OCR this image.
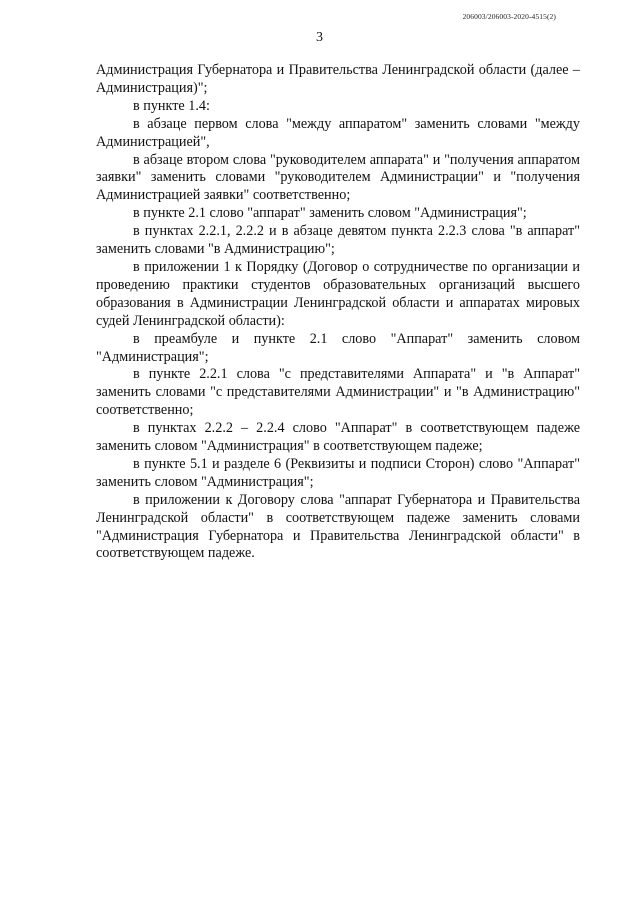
206003/206003-2020-4515(2)
3

Администрация Губернатора и Правительства Ленинградской области (далее – Администрация)";

в пункте 1.4:

в абзаце первом слова "между аппаратом" заменить словами "между Администрацией",

в абзаце втором слова "руководителем аппарата" и "получения аппаратом заявки" заменить словами "руководителем Администрации" и "получения Администрацией заявки" соответственно;

в пункте 2.1 слово "аппарат" заменить словом "Администрация";

в пунктах 2.2.1, 2.2.2 и в абзаце девятом пункта 2.2.3 слова "в аппарат" заменить словами "в Администрацию";

в приложении 1 к Порядку (Договор о сотрудничестве по организации и проведению практики студентов образовательных организаций высшего образования в Администрации Ленинградской области и аппаратах мировых судей Ленинградской области):

в преамбуле и пункте 2.1 слово "Аппарат" заменить словом "Администрация";

в пункте 2.2.1 слова "с представителями Аппарата" и "в Аппарат" заменить словами "с представителями Администрации" и "в Администрацию" соответственно;

в пунктах 2.2.2 – 2.2.4 слово "Аппарат" в соответствующем падеже заменить словом "Администрация" в соответствующем падеже;

в пункте 5.1 и разделе 6 (Реквизиты и подписи Сторон) слово "Аппарат" заменить словом "Администрация";

в приложении к Договору слова "аппарат Губернатора и Правительства Ленинградской области" в соответствующем падеже заменить словами "Администрация Губернатора и Правительства Ленинградской области" в соответствующем падеже.
